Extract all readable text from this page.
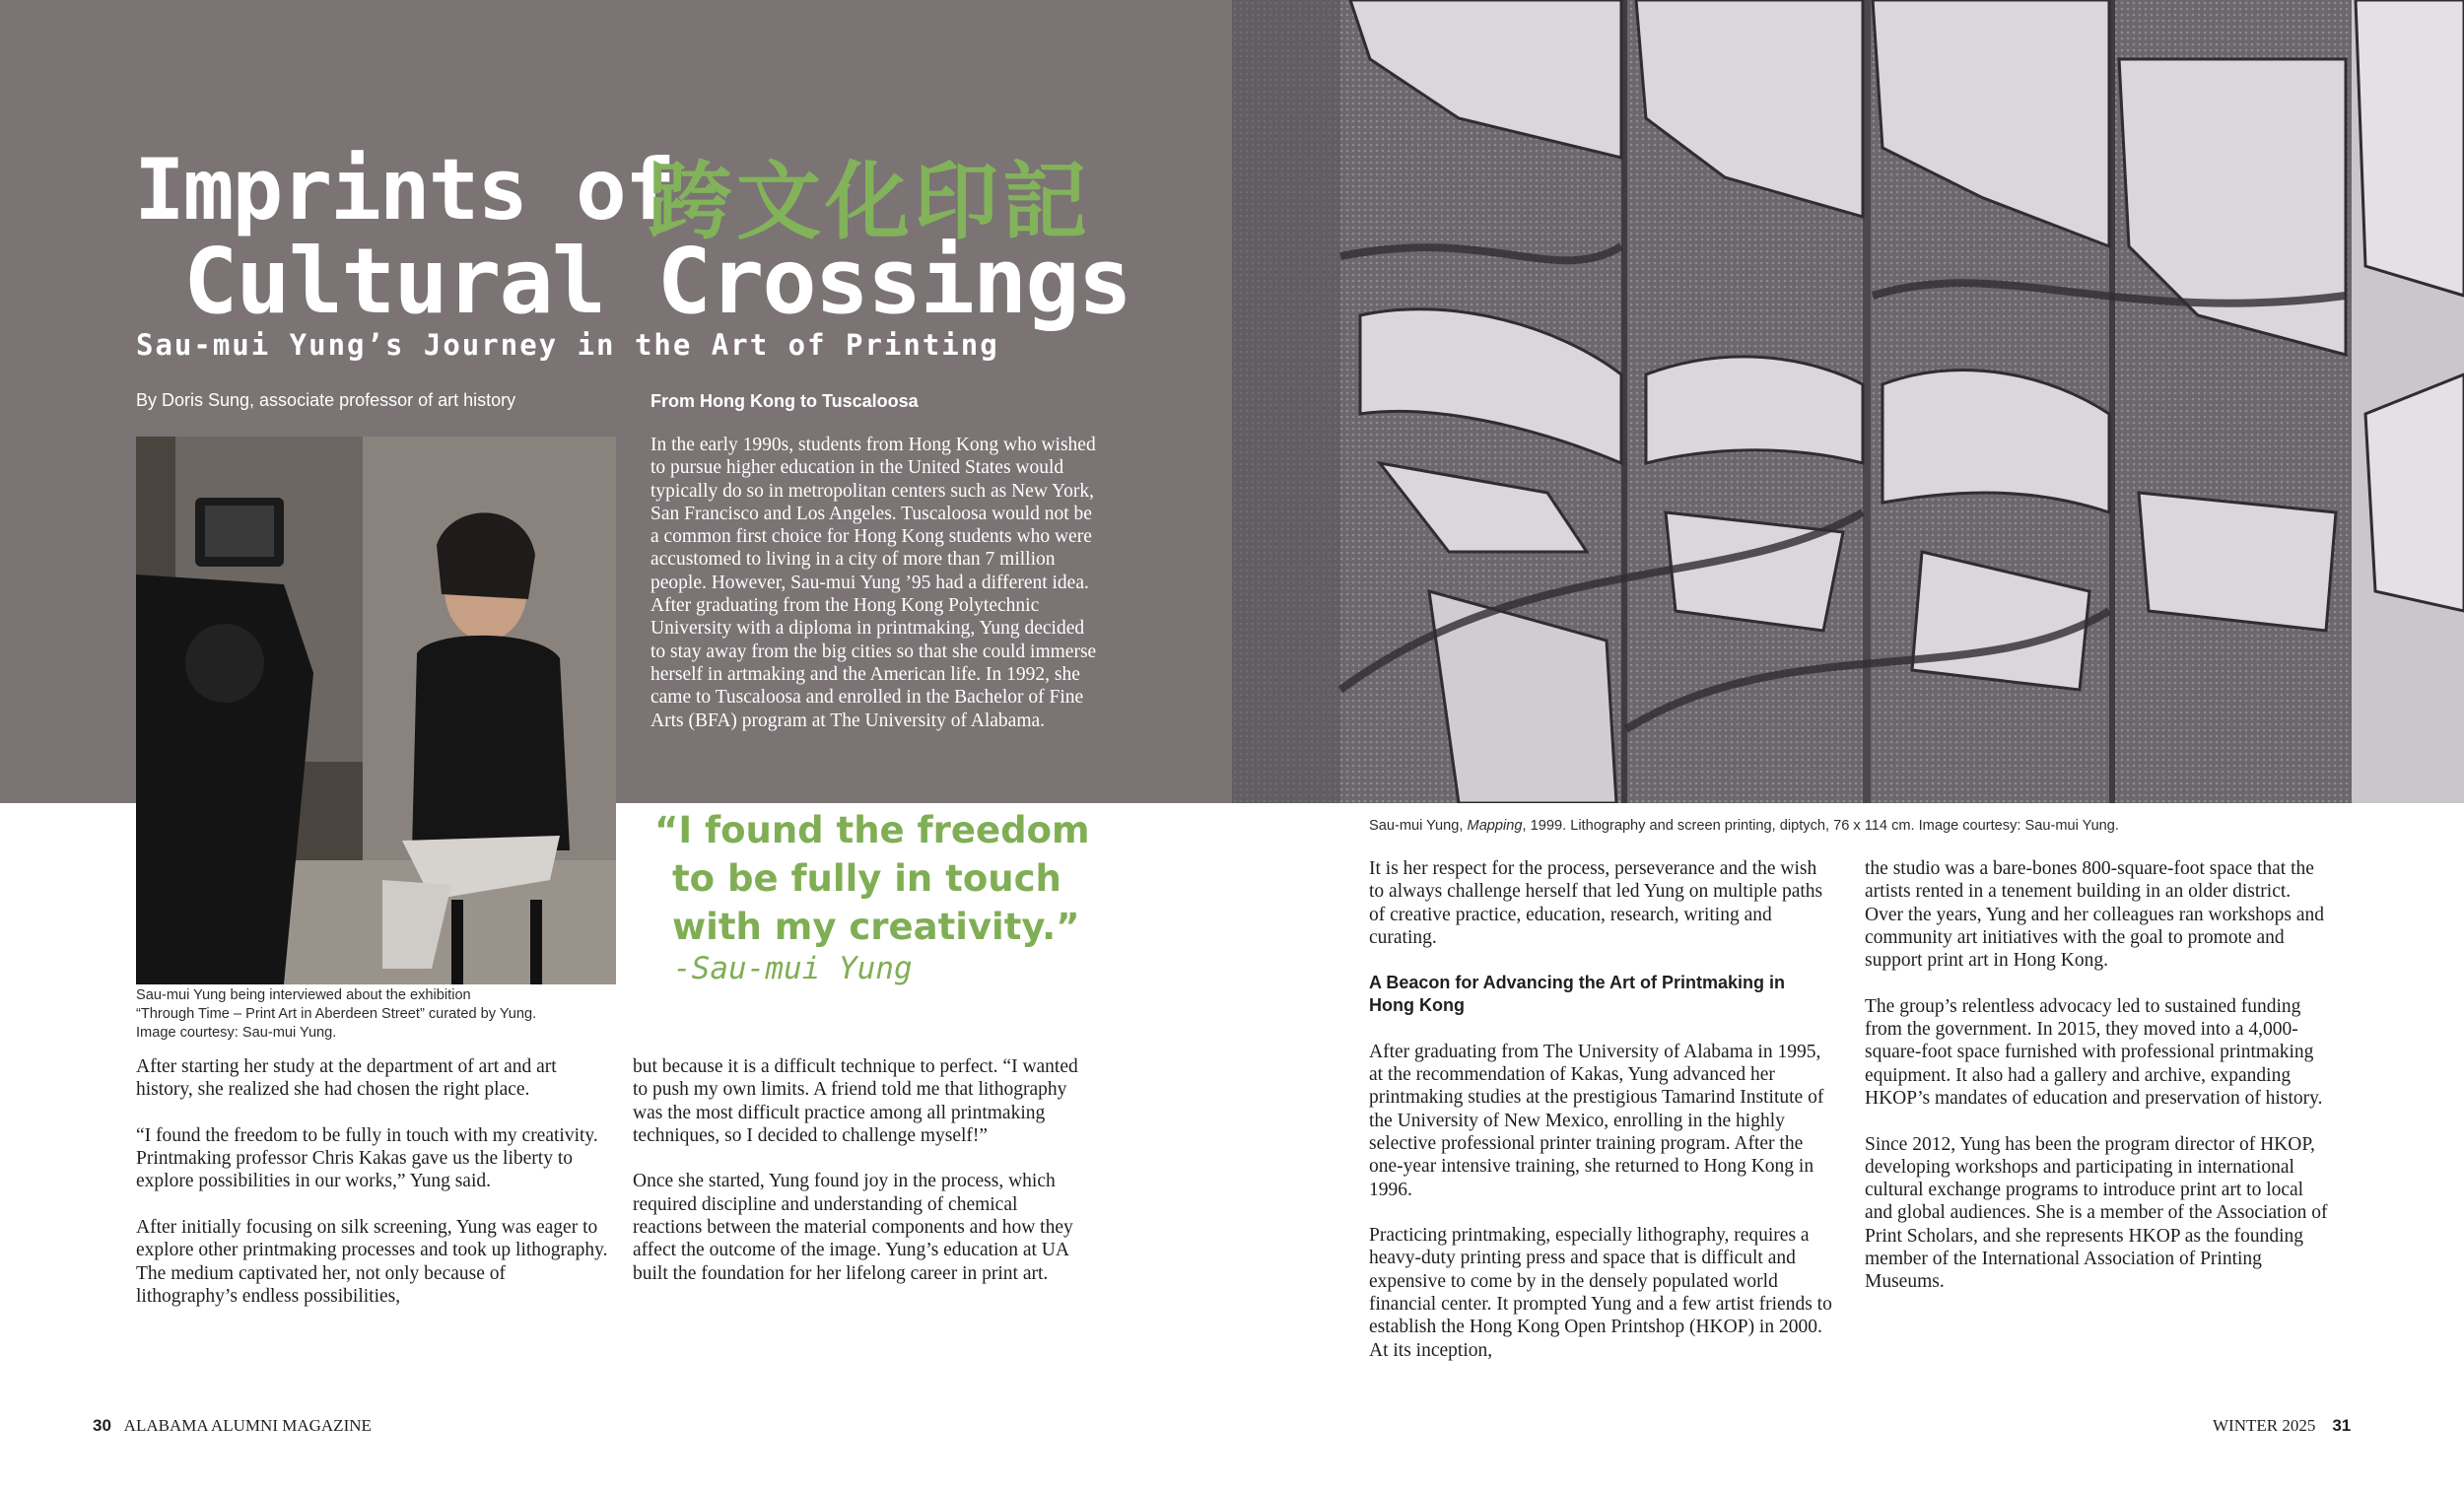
Imprints of
跨文化印記
Cultural Crossings
Sau-mui Yung’s Journey in the Art of Printing
By Doris Sung, associate professor of art history

Sau-mui Yung being interviewed about the exhibition

“Through Time – Print Art in Aberdeen Street” curated by Yung.

Image courtesy: Sau-mui Yung.

From Hong Kong to Tuscaloosa

In the early 1990s, students from Hong Kong who wished to pursue higher education in the United States would typically do so in metropolitan centers such as New York, San Francisco and Los Angeles. Tuscaloosa would not be a common first choice for Hong Kong students who were accustomed to living in a city of more than 7 million people. However, Sau-mui Yung ’95 had a different idea. After graduating from the Hong Kong Polytechnic University with a diploma in printmaking, Yung decided to stay away from the big cities so that she could immerse herself in artmaking and the American life. In 1992, she came to Tuscaloosa and enrolled in the Bachelor of Fine Arts (BFA) program at The University of Alabama.

“I found the freedom
to be fully in touch
with my creativity.”
-Sau-mui Yung

After starting her study at the department of art and art history, she realized she had chosen the right place.

“I found the freedom to be fully in touch with my creativity. Printmaking professor Chris Kakas gave us the liberty to explore possibilities in our works,” Yung said.

After initially focusing on silk screening, Yung was eager to explore other printmaking processes and took up lithography. The medium captivated her, not only because of lithography’s endless possibilities,

but because it is a difficult technique to perfect. “I wanted to push my own limits. A friend told me that lithography was the most difficult practice among all printmaking techniques, so I decided to challenge myself!”

Once she started, Yung found joy in the process, which required discipline and understanding of chemical reactions between the material components and how they affect the outcome of the image. Yung’s education at UA built the foundation for her lifelong career in print art.

Sau-mui Yung, Mapping, 1999. Lithography and screen printing, diptych, 76 x 114 cm. Image courtesy: Sau-mui Yung.

It is her respect for the process, perseverance and the wish to always challenge herself that led Yung on multiple paths of creative practice, education, research, writing and curating.

A Beacon for Advancing the Art of Printmaking in Hong Kong

After graduating from The University of Alabama in 1995, at the recommendation of Kakas, Yung advanced her printmaking studies at the prestigious Tamarind Institute of the University of New Mexico, enrolling in the highly selective professional printer training program. After the one-year intensive training, she returned to Hong Kong in 1996.

Practicing printmaking, especially lithography, requires a heavy-duty printing press and space that is difficult and expensive to come by in the densely populated world financial center. It prompted Yung and a few artist friends to establish the Hong Kong Open Printshop (HKOP) in 2000. At its inception,

the studio was a bare-bones 800-square-foot space that the artists rented in a tenement building in an older district. Over the years, Yung and her colleagues ran workshops and community art initiatives with the goal to promote and support print art in Hong Kong.

The group’s relentless advocacy led to sustained funding from the government. In 2015, they moved into a 4,000-square-foot space furnished with professional printmaking equipment. It also had a gallery and archive, expanding HKOP’s mandates of education and preservation of history.

Since 2012, Yung has been the program director of HKOP, developing workshops and participating in international cultural exchange programs to introduce print art to local and global audiences. She is a member of the Association of Print Scholars, and she represents HKOP as the founding member of the International Association of Printing Museums.

30 ALABAMA ALUMNI MAGAZINE	WINTER 2025 31
